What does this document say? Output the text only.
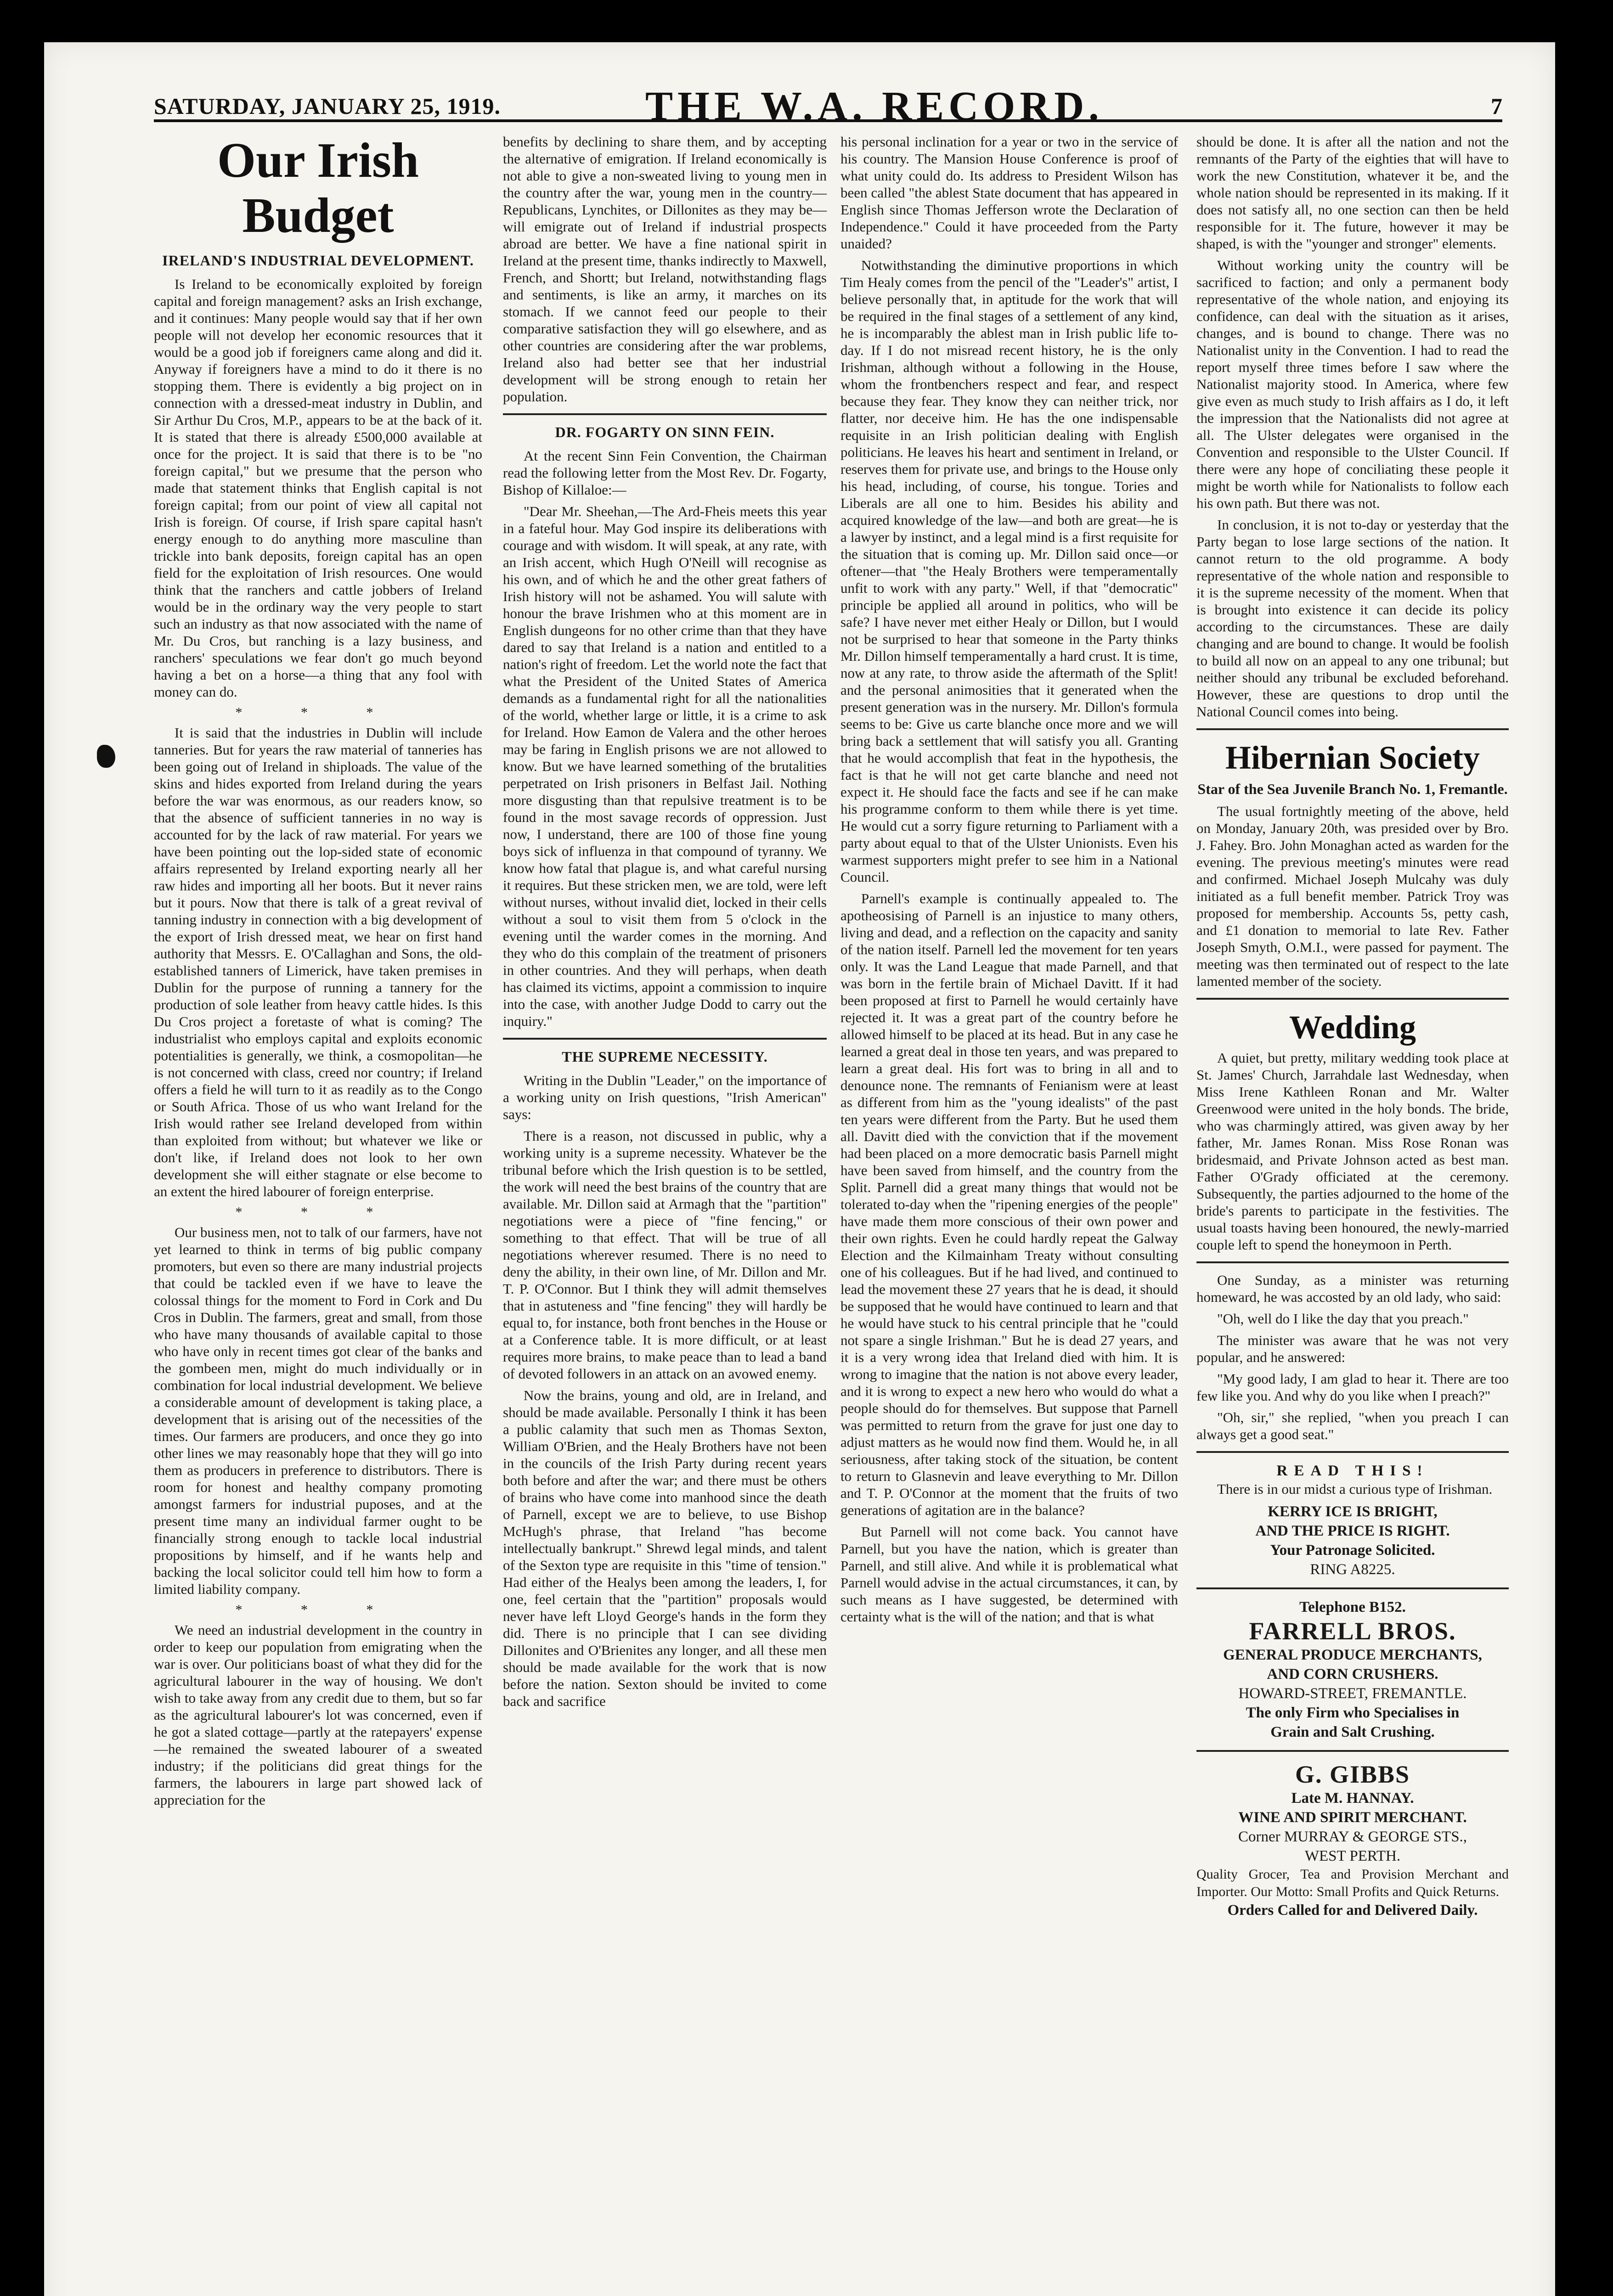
SATURDAY, JANUARY 25, 1919.	THE W.A. RECORD.	7
Our Irish Budget
IRELAND'S INDUSTRIAL DEVELOPMENT.

Is Ireland to be economically exploited by foreign capital and foreign management? asks an Irish exchange, and it continues: Many people would say that if her own people will not develop her economic resources that it would be a good job if foreigners came along and did it. Anyway if foreigners have a mind to do it there is no stopping them. There is evidently a big project on in connection with a dressed-meat industry in Dublin, and Sir Arthur Du Cros, M.P., appears to be at the back of it. It is stated that there is already £500,000 available at once for the project. It is said that there is to be "no foreign capital," but we presume that the person who made that statement thinks that English capital is not foreign capital; from our point of view all capital not Irish is foreign. Of course, if Irish spare capital hasn't energy enough to do anything more masculine than trickle into bank deposits, foreign capital has an open field for the exploitation of Irish resources. One would think that the ranchers and cattle jobbers of Ireland would be in the ordinary way the very people to start such an industry as that now associated with the name of Mr. Du Cros, but ranching is a lazy business, and ranchers' speculations we fear don't go much beyond having a bet on a horse—a thing that any fool with money can do.

* * *

It is said that the industries in Dublin will include tanneries. But for years the raw material of tanneries has been going out of Ireland in shiploads. The value of the skins and hides exported from Ireland during the years before the war was enormous, as our readers know, so that the absence of sufficient tanneries in no way is accounted for by the lack of raw material. For years we have been pointing out the lop-sided state of economic affairs represented by Ireland exporting nearly all her raw hides and importing all her boots. But it never rains but it pours. Now that there is talk of a great revival of tanning industry in connection with a big development of the export of Irish dressed meat, we hear on first hand authority that Messrs. E. O'Callaghan and Sons, the old-established tanners of Limerick, have taken premises in Dublin for the purpose of running a tannery for the production of sole leather from heavy cattle hides. Is this Du Cros project a foretaste of what is coming? The industrialist who employs capital and exploits economic potentialities is generally, we think, a cosmopolitan—he is not concerned with class, creed nor country; if Ireland offers a field he will turn to it as readily as to the Congo or South Africa. Those of us who want Ireland for the Irish would rather see Ireland developed from within than exploited from without; but whatever we like or don't like, if Ireland does not look to her own development she will either stagnate or else become to an extent the hired labourer of foreign enterprise.

* * *

Our business men, not to talk of our farmers, have not yet learned to think in terms of big public company promoters, but even so there are many industrial projects that could be tackled even if we have to leave the colossal things for the moment to Ford in Cork and Du Cros in Dublin. The farmers, great and small, from those who have many thousands of available capital to those who have only in recent times got clear of the banks and the gombeen men, might do much individually or in combination for local industrial development. We believe a considerable amount of development is taking place, a development that is arising out of the necessities of the times. Our farmers are producers, and once they go into other lines we may reasonably hope that they will go into them as producers in preference to distributors. There is room for honest and healthy company promoting amongst farmers for industrial puposes, and at the present time many an individual farmer ought to be financially strong enough to tackle local industrial propositions by himself, and if he wants help and backing the local solicitor could tell him how to form a limited liability company.

* * *

We need an industrial development in the country in order to keep our population from emigrating when the war is over. Our politicians boast of what they did for the agricultural labourer in the way of housing. We don't wish to take away from any credit due to them, but so far as the agricultural labourer's lot was concerned, even if he got a slated cottage—partly at the ratepayers' expense—he remained the sweated labourer of a sweated industry; if the politicians did great things for the farmers, the labourers in large part showed lack of appreciation for the

benefits by declining to share them, and by accepting the alternative of emigration. If Ireland economically is not able to give a non-sweated living to young men in the country after the war, young men in the country—Republicans, Lynchites, or Dillonites as they may be—will emigrate out of Ireland if industrial prospects abroad are better. We have a fine national spirit in Ireland at the present time, thanks indirectly to Maxwell, French, and Shortt; but Ireland, notwithstanding flags and sentiments, is like an army, it marches on its stomach. If we cannot feed our people to their comparative satisfaction they will go elsewhere, and as other countries are considering after the war problems, Ireland also had better see that her industrial development will be strong enough to retain her population.

DR. FOGARTY ON SINN FEIN.

At the recent Sinn Fein Convention, the Chairman read the following letter from the Most Rev. Dr. Fogarty, Bishop of Killaloe:—

"Dear Mr. Sheehan,—The Ard-Fheis meets this year in a fateful hour. May God inspire its deliberations with courage and with wisdom. It will speak, at any rate, with an Irish accent, which Hugh O'Neill will recognise as his own, and of which he and the other great fathers of Irish history will not be ashamed. You will salute with honour the brave Irishmen who at this moment are in English dungeons for no other crime than that they have dared to say that Ireland is a nation and entitled to a nation's right of freedom. Let the world note the fact that what the President of the United States of America demands as a fundamental right for all the nationalities of the world, whether large or little, it is a crime to ask for Ireland. How Eamon de Valera and the other heroes may be faring in English prisons we are not allowed to know. But we have learned something of the brutalities perpetrated on Irish prisoners in Belfast Jail. Nothing more disgusting than that repulsive treatment is to be found in the most savage records of oppression. Just now, I understand, there are 100 of those fine young boys sick of influenza in that compound of tyranny. We know how fatal that plague is, and what careful nursing it requires. But these stricken men, we are told, were left without nurses, without invalid diet, locked in their cells without a soul to visit them from 5 o'clock in the evening until the warder comes in the morning. And they who do this complain of the treatment of prisoners in other countries. And they will perhaps, when death has claimed its victims, appoint a commission to inquire into the case, with another Judge Dodd to carry out the inquiry."

THE SUPREME NECESSITY.

Writing in the Dublin "Leader," on the importance of a working unity on Irish questions, "Irish American" says:

There is a reason, not discussed in public, why a working unity is a supreme necessity. Whatever be the tribunal before which the Irish question is to be settled, the work will need the best brains of the country that are available. Mr. Dillon said at Armagh that the "partition" negotiations were a piece of "fine fencing," or something to that effect. That will be true of all negotiations wherever resumed. There is no need to deny the ability, in their own line, of Mr. Dillon and Mr. T. P. O'Connor. But I think they will admit themselves that in astuteness and "fine fencing" they will hardly be equal to, for instance, both front benches in the House or at a Conference table. It is more difficult, or at least requires more brains, to make peace than to lead a band of devoted followers in an attack on an avowed enemy.

Now the brains, young and old, are in Ireland, and should be made available. Personally I think it has been a public calamity that such men as Thomas Sexton, William O'Brien, and the Healy Brothers have not been in the councils of the Irish Party during recent years both before and after the war; and there must be others of brains who have come into manhood since the death of Parnell, except we are to believe, to use Bishop McHugh's phrase, that Ireland "has become intellectually bankrupt." Shrewd legal minds, and talent of the Sexton type are requisite in this "time of tension." Had either of the Healys been among the leaders, I, for one, feel certain that the "partition" proposals would never have left Lloyd George's hands in the form they did. There is no principle that I can see dividing Dillonites and O'Brienites any longer, and all these men should be made available for the work that is now before the nation. Sexton should be invited to come back and sacrifice

his personal inclination for a year or two in the service of his country. The Mansion House Conference is proof of what unity could do. Its address to President Wilson has been called "the ablest State document that has appeared in English since Thomas Jefferson wrote the Declaration of Independence." Could it have proceeded from the Party unaided?

Notwithstanding the diminutive proportions in which Tim Healy comes from the pencil of the "Leader's" artist, I believe personally that, in aptitude for the work that will be required in the final stages of a settlement of any kind, he is incomparably the ablest man in Irish public life to-day. If I do not misread recent history, he is the only Irishman, although without a following in the House, whom the frontbenchers respect and fear, and respect because they fear. They know they can neither trick, nor flatter, nor deceive him. He has the one indispensable requisite in an Irish politician dealing with English politicians. He leaves his heart and sentiment in Ireland, or reserves them for private use, and brings to the House only his head, including, of course, his tongue. Tories and Liberals are all one to him. Besides his ability and acquired knowledge of the law—and both are great—he is a lawyer by instinct, and a legal mind is a first requisite for the situation that is coming up. Mr. Dillon said once—or oftener—that "the Healy Brothers were temperamentally unfit to work with any party." Well, if that "democratic" principle be applied all around in politics, who will be safe? I have never met either Healy or Dillon, but I would not be surprised to hear that someone in the Party thinks Mr. Dillon himself temperamentally a hard crust. It is time, now at any rate, to throw aside the aftermath of the Split! and the personal animosities that it generated when the present generation was in the nursery. Mr. Dillon's formula seems to be: Give us carte blanche once more and we will bring back a settlement that will satisfy you all. Granting that he would accomplish that feat in the hypothesis, the fact is that he will not get carte blanche and need not expect it. He should face the facts and see if he can make his programme conform to them while there is yet time. He would cut a sorry figure returning to Parliament with a party about equal to that of the Ulster Unionists. Even his warmest supporters might prefer to see him in a National Council.

Parnell's example is continually appealed to. The apotheosising of Parnell is an injustice to many others, living and dead, and a reflection on the capacity and sanity of the nation itself. Parnell led the movement for ten years only. It was the Land League that made Parnell, and that was born in the fertile brain of Michael Davitt. If it had been proposed at first to Parnell he would certainly have rejected it. It was a great part of the country before he allowed himself to be placed at its head. But in any case he learned a great deal in those ten years, and was prepared to learn a great deal. His fort was to bring in all and to denounce none. The remnants of Fenianism were at least as different from him as the "young idealists" of the past ten years were different from the Party. But he used them all. Davitt died with the conviction that if the movement had been placed on a more democratic basis Parnell might have been saved from himself, and the country from the Split. Parnell did a great many things that would not be tolerated to-day when the "ripening energies of the people" have made them more conscious of their own power and their own rights. Even he could hardly repeat the Galway Election and the Kilmainham Treaty without consulting one of his colleagues. But if he had lived, and continued to lead the movement these 27 years that he is dead, it should be supposed that he would have continued to learn and that he would have stuck to his central principle that he "could not spare a single Irishman." But he is dead 27 years, and it is a very wrong idea that Ireland died with him. It is wrong to imagine that the nation is not above every leader, and it is wrong to expect a new hero who would do what a people should do for themselves. But suppose that Parnell was permitted to return from the grave for just one day to adjust matters as he would now find them. Would he, in all seriousness, after taking stock of the situation, be content to return to Glasnevin and leave everything to Mr. Dillon and T. P. O'Connor at the moment that the fruits of two generations of agitation are in the balance?

But Parnell will not come back. You cannot have Parnell, but you have the nation, which is greater than Parnell, and still alive. And while it is problematical what Parnell would advise in the actual circumstances, it can, by such means as I have suggested, be determined with certainty what is the will of the nation; and that is what

should be done. It is after all the nation and not the remnants of the Party of the eighties that will have to work the new Constitution, whatever it be, and the whole nation should be represented in its making. If it does not satisfy all, no one section can then be held responsible for it. The future, however it may be shaped, is with the "younger and stronger" elements.

Without working unity the country will be sacrificed to faction; and only a permanent body representative of the whole nation, and enjoying its confidence, can deal with the situation as it arises, changes, and is bound to change. There was no Nationalist unity in the Convention. I had to read the report myself three times before I saw where the Nationalist majority stood. In America, where few give even as much study to Irish affairs as I do, it left the impression that the Nationalists did not agree at all. The Ulster delegates were organised in the Convention and responsible to the Ulster Council. If there were any hope of conciliating these people it might be worth while for Nationalists to follow each his own path. But there was not.

In conclusion, it is not to-day or yesterday that the Party began to lose large sections of the nation. It cannot return to the old programme. A body representative of the whole nation and responsible to it is the supreme necessity of the moment. When that is brought into existence it can decide its policy according to the circumstances. These are daily changing and are bound to change. It would be foolish to build all now on an appeal to any one tribunal; but neither should any tribunal be excluded beforehand. However, these are questions to drop until the National Council comes into being.

Hibernian Society
Star of the Sea Juvenile Branch No. 1, Fremantle.

The usual fortnightly meeting of the above, held on Monday, January 20th, was presided over by Bro. J. Fahey. Bro. John Monaghan acted as warden for the evening. The previous meeting's minutes were read and confirmed. Michael Joseph Mulcahy was duly initiated as a full benefit member. Patrick Troy was proposed for membership. Accounts 5s, petty cash, and £1 donation to memorial to late Rev. Father Joseph Smyth, O.M.I., were passed for payment. The meeting was then terminated out of respect to the late lamented member of the society.

Wedding

A quiet, but pretty, military wedding took place at St. James' Church, Jarrahdale last Wednesday, when Miss Irene Kathleen Ronan and Mr. Walter Greenwood were united in the holy bonds. The bride, who was charmingly attired, was given away by her father, Mr. James Ronan. Miss Rose Ronan was bridesmaid, and Private Johnson acted as best man. Father O'Grady officiated at the ceremony. Subsequently, the parties adjourned to the home of the bride's parents to participate in the festivities. The usual toasts having been honoured, the newly-married couple left to spend the honeymoon in Perth.

One Sunday, as a minister was returning homeward, he was accosted by an old lady, who said:

"Oh, well do I like the day that you preach."

The minister was aware that he was not very popular, and he answered:

"My good lady, I am glad to hear it. There are too few like you. And why do you like when I preach?"

"Oh, sir," she replied, "when you preach I can always get a good seat."

READ THIS!

There is in our midst a curious type of Irishman.

KERRY ICE IS BRIGHT,
AND THE PRICE IS RIGHT.
Your Patronage Solicited.
RING A8225.
Telephone B152.
FARRELL BROS.
GENERAL PRODUCE MERCHANTS,
AND CORN CRUSHERS.
HOWARD-STREET, FREMANTLE.
The only Firm who Specialises in
Grain and Salt Crushing.
G. GIBBS
Late M. HANNAY.
WINE AND SPIRIT MERCHANT.
Corner MURRAY & GEORGE STS.,
WEST PERTH.
Quality Grocer, Tea and Provision Merchant and Importer. Our Motto: Small Profits and Quick Returns.
Orders Called for and Delivered Daily.
